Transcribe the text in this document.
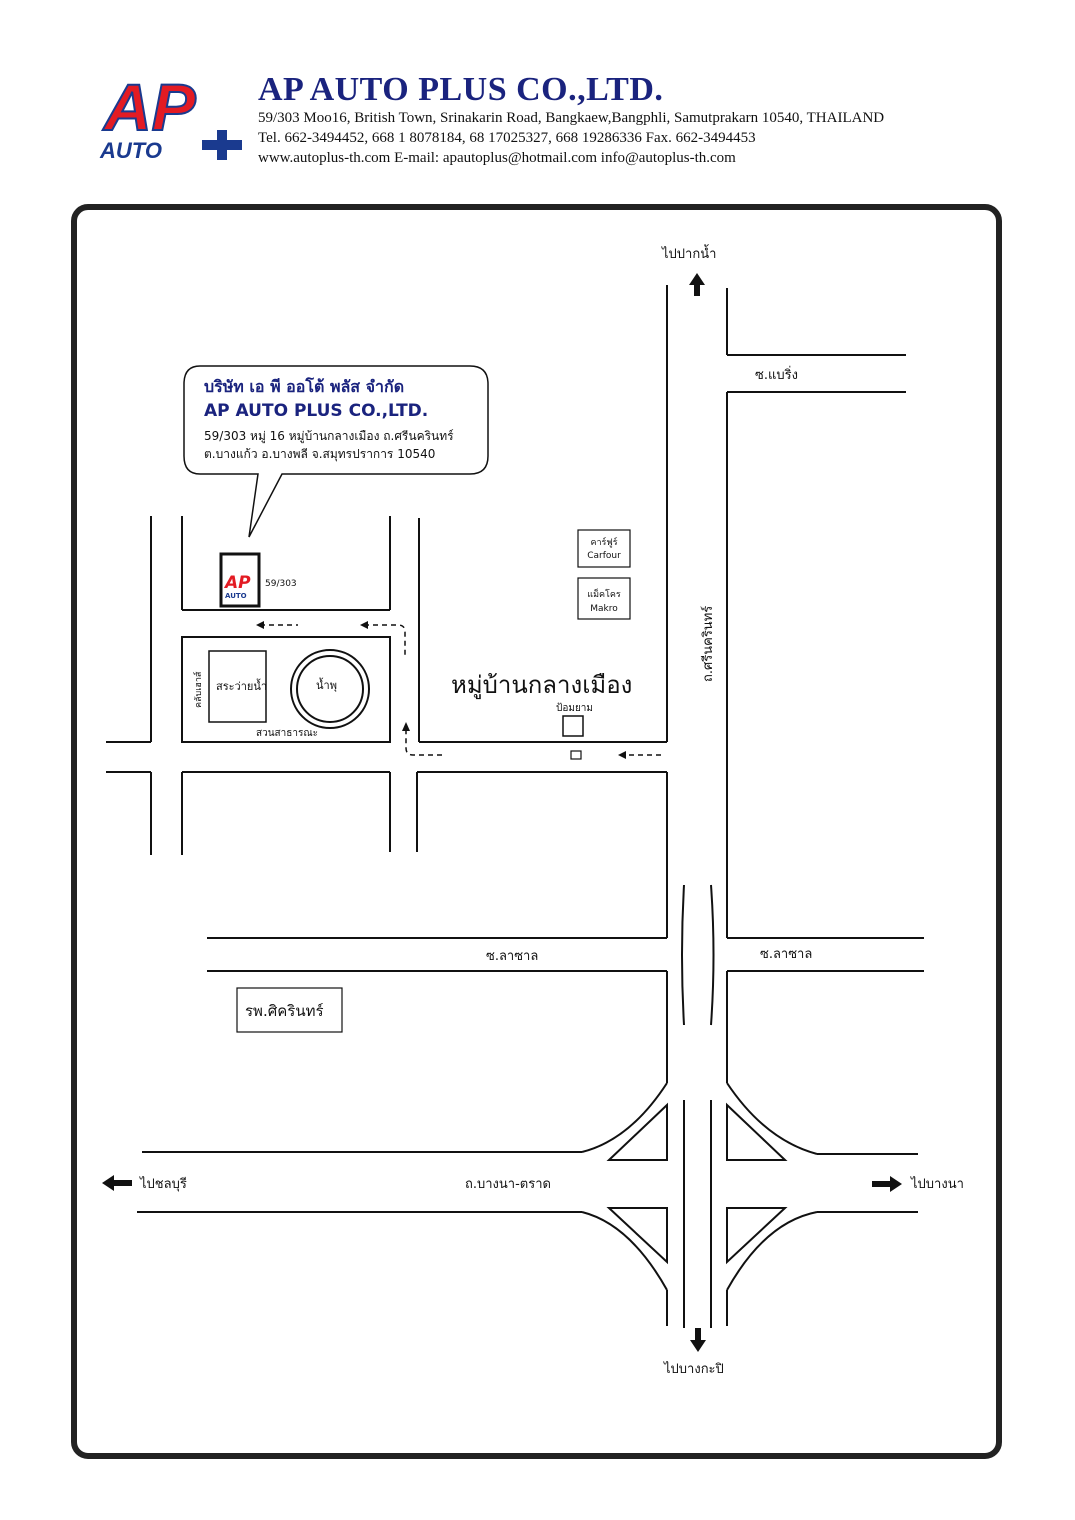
AP
AUTO
AP AUTO PLUS CO.,LTD.
59/303 Moo16, British Town, Srinakarin Road, Bangkaew,Bangphli, Samutprakarn 10540, THAILAND
Tel. 662-3494452, 668 1 8078184, 68 17025327, 668 19286336 Fax. 662-3494453
www.autoplus-th.com E-mail: apautoplus@hotmail.com info@autoplus-th.com
สระว่ายน้ำ	น้ำพุ
สวนสาธารณะ
คลับเฮาส์
AP
AUTO
59/303
บริษัท เอ พี ออโต้ พลัส จำกัด
AP AUTO PLUS CO.,LTD.
59/303 หมู่ 16 หมู่บ้านกลางเมือง ถ.ศรีนครินทร์
ต.บางแก้ว อ.บางพลี จ.สมุทรปราการ 10540
คาร์ฟูร์
Carfour
แม็คโคร
Makro
หมู่บ้านกลางเมือง
ป้อมยาม
ถ.ศรีนครินทร์
ซ.แบริ่ง
ซ.ลาซาล	ซ.ลาซาล
ถ.บางนา-ตราด
รพ.ศิครินทร์
ไปปากน้ำ
ไปชลบุรี	ไปบางนา
ไปบางกะปิ
